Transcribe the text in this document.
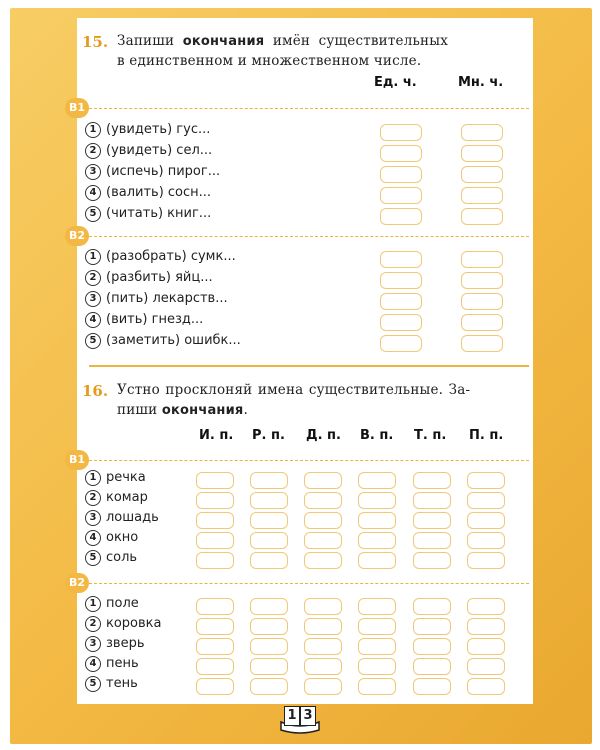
15. Запиши окончания имён существительных
в единственном и множественном числе.
Ед. ч.	Мн. ч.
В1
1 (увидеть) гус...
2 (увидеть) сел...
3 (испечь) пирог...
4 (валить) сосн...
5 (читать) книг...
В2
1 (разобрать) сумк...
2 (разбить) яйц...
3 (пить) лекарств...
4 (вить) гнезд...
5 (заметить) ошибк...
16. Устно просклоняй имена существительные. За-
пиши окончания.
И. п. Р. п. Д. п. В. п. Т. п. П. п.
В1
1 речка
2 комар
3 лошадь
4 окно
5 соль
В2
1 поле
2 коровка
3 зверь
4 пень
5 тень
1 3
